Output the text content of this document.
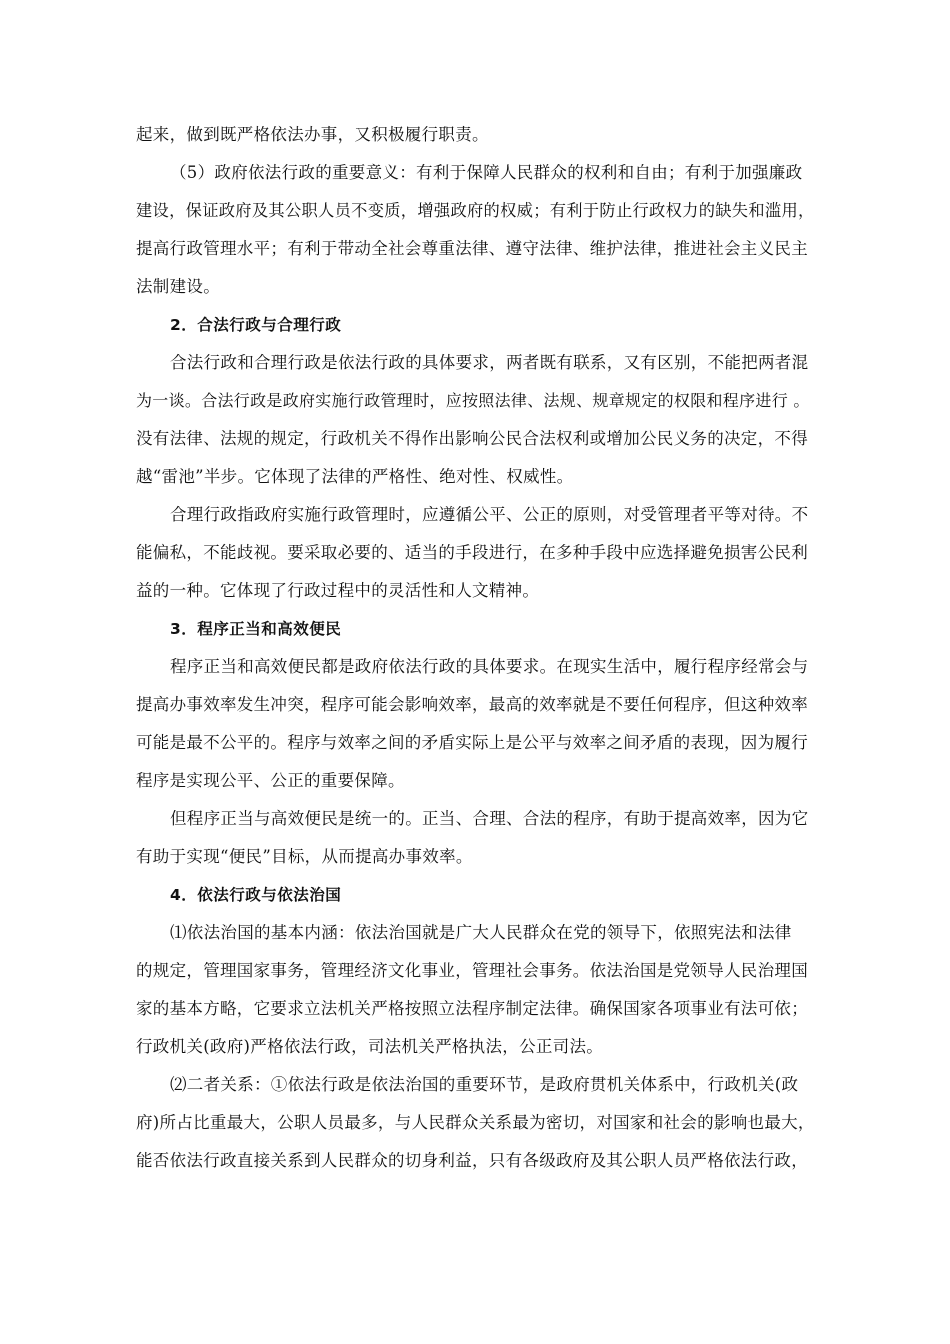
起来，做到既严格依法办事，又积极履行职责。
（5）政府依法行政的重要意义：有利于保障人民群众的权利和自由；有利于加强廉政
建设，保证政府及其公职人员不变质，增强政府的权威；有利于防止行政权力的缺失和滥用，
提高行政管理水平；有利于带动全社会尊重法律、遵守法律、维护法律，推进社会主义民主
法制建设。
2．合法行政与合理行政
合法行政和合理行政是依法行政的具体要求，两者既有联系，又有区别，不能把两者混
为一谈。合法行政是政府实施行政管理时，应按照法律、法规、规章规定的权限和程序进行 。
没有法律、法规的规定，行政机关不得作出影响公民合法权利或增加公民义务的决定，不得
越“雷池”半步。它体现了法律的严格性、绝对性、权威性。
合理行政指政府实施行政管理时，应遵循公平、公正的原则，对受管理者平等对待。不
能偏私，不能歧视。要采取必要的、适当的手段进行，在多种手段中应选择避免损害公民利
益的一种。它体现了行政过程中的灵活性和人文精神。
3．程序正当和高效便民
程序正当和高效便民都是政府依法行政的具体要求。在现实生活中，履行程序经常会与
提高办事效率发生冲突，程序可能会影响效率，最高的效率就是不要任何程序，但这种效率
可能是最不公平的。程序与效率之间的矛盾实际上是公平与效率之间矛盾的表现，因为履行
程序是实现公平、公正的重要保障。
但程序正当与高效便民是统一的。正当、合理、合法的程序，有助于提高效率，因为它
有助于实现“便民”目标，从而提高办事效率。
4．依法行政与依法治国
⑴依法治国的基本内涵：依法治国就是广大人民群众在党的领导下，依照宪法和法律
的规定，管理国家事务，管理经济文化事业，管理社会事务。依法治国是党领导人民治理国
家的基本方略，它要求立法机关严格按照立法程序制定法律。确保国家各项事业有法可依；
行政机关(政府)严格依法行政，司法机关严格执法，公正司法。
⑵二者关系：①依法行政是依法治国的重要环节，是政府贯机关体系中，行政机关(政
府)所占比重最大，公职人员最多，与人民群众关系最为密切，对国家和社会的影响也最大，
能否依法行政直接关系到人民群众的切身利益，只有各级政府及其公职人员严格依法行政，
